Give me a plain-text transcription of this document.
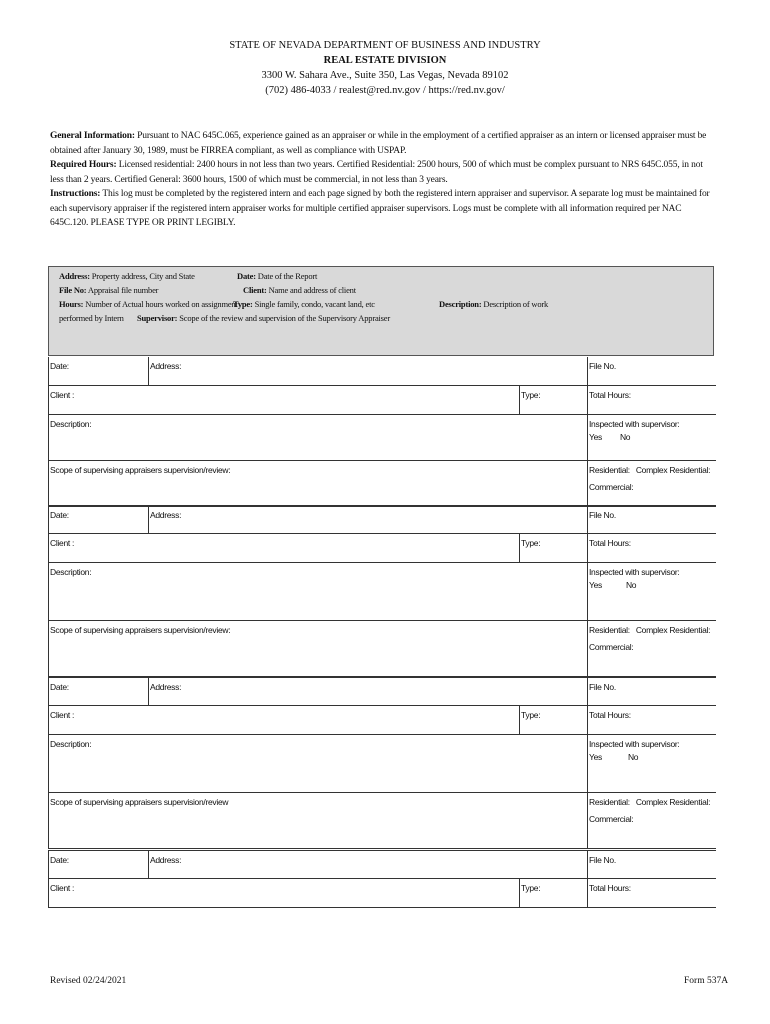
STATE OF NEVADA DEPARTMENT OF BUSINESS AND INDUSTRY
REAL ESTATE DIVISION
3300 W. Sahara Ave., Suite 350, Las Vegas, Nevada 89102
(702) 486-4033 / realest@red.nv.gov / https://red.nv.gov/

General Information: Pursuant to NAC 645C.065, experience gained as an appraiser or while in the employment of a certified appraiser as an intern or licensed appraiser must be obtained after January 30, 1989, must be FIRREA compliant, as well as compliance with USPAP.

Required Hours: Licensed residential: 2400 hours in not less than two years. Certified Residential: 2500 hours, 500 of which must be complex pursuant to NRS 645C.055, in not less than 2 years. Certified General: 3600 hours, 1500 of which must be commercial, in not less than 3 years.

Instructions: This log must be completed by the registered intern and each page signed by both the registered intern appraiser and supervisor. A separate log must be maintained for each supervisory appraiser if the registered intern appraiser works for multiple certified appraiser supervisors. Logs must be complete with all information required per NAC 645C.120. PLEASE TYPE OR PRINT LEGIBLY.

Address: Property address, City and State	Date: Date of the Report
File No: Appraisal file number	Client: Name and address of client
Hours: Number of Actual hours worked on assignment
Type: Single family, condo, vacant land, etc	Description: Description of work
performed by Intern Supervisor: Scope of the review and supervision of the Supervisory Appraiser
Date:	Address:	File No.
Client :	Type:	Total Hours:
Description:	Inspected with supervisor:
Yes No
Scope of supervising appraisers supervision/review:	Residential: Complex Residential:
Commercial:
Date:	Address:	File No.
Client :	Type:	Total Hours:
Description:	Inspected with supervisor:
Yes	No
Scope of supervising appraisers supervision/review:	Residential: Complex Residential:
Commercial:
Date:	Address:	File No.
Client :	Type:	Total Hours:
Description:	Inspected with supervisor:
Yes	No
Scope of supervising appraisers supervision/review	Residential: Complex Residential:
Commercial:
Date:	Address:	File No.
Client :	Type:	Total Hours:
Revised 02/24/2021	Form 537A
